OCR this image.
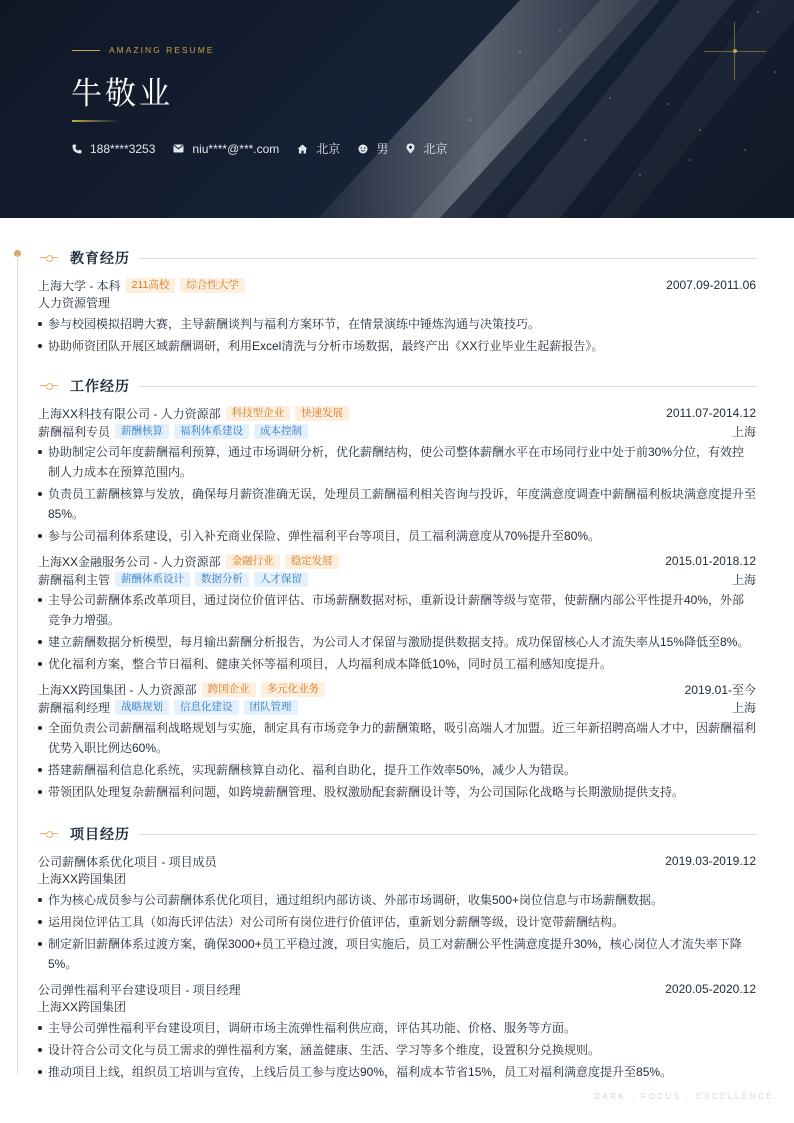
AMAZING RESUME
牛敬业
188****3253	niu****@***.com	北京	男	北京
教育经历
上海大学 - 本科	211高校	综合性大学	2007.09-2011.06
人力资源管理
参与校园模拟招聘大赛，主导薪酬谈判与福利方案环节，在情景演练中锤炼沟通与决策技巧。
协助师资团队开展区域薪酬调研，利用Excel清洗与分析市场数据，最终产出《XX行业毕业生起薪报告》。
工作经历
上海XX科技有限公司 - 人力资源部	科技型企业	快速发展	2011.07-2014.12
薪酬福利专员	薪酬核算	福利体系建设	成本控制	上海
协助制定公司年度薪酬福利预算，通过市场调研分析，优化薪酬结构，使公司整体薪酬水平在市场同行业中处于前30%分位，有效控制人力成本在预算范围内。
负责员工薪酬核算与发放，确保每月薪资准确无误，处理员工薪酬福利相关咨询与投诉，年度满意度调查中薪酬福利板块满意度提升至85%。
参与公司福利体系建设，引入补充商业保险、弹性福利平台等项目，员工福利满意度从70%提升至80%。
上海XX金融服务公司 - 人力资源部	金融行业	稳定发展	2015.01-2018.12
薪酬福利主管	薪酬体系设计	数据分析	人才保留	上海
主导公司薪酬体系改革项目，通过岗位价值评估、市场薪酬数据对标，重新设计薪酬等级与宽带，使薪酬内部公平性提升40%，外部竞争力增强。
建立薪酬数据分析模型，每月输出薪酬分析报告，为公司人才保留与激励提供数据支持。成功保留核心人才流失率从15%降低至8%。
优化福利方案，整合节日福利、健康关怀等福利项目，人均福利成本降低10%，同时员工福利感知度提升。
上海XX跨国集团 - 人力资源部	跨国企业	多元化业务	2019.01-至今
薪酬福利经理	战略规划	信息化建设	团队管理	上海
全面负责公司薪酬福利战略规划与实施，制定具有市场竞争力的薪酬策略，吸引高端人才加盟。近三年新招聘高端人才中，因薪酬福利优势入职比例达60%。
搭建薪酬福利信息化系统，实现薪酬核算自动化、福利自助化，提升工作效率50%，减少人为错误。
带领团队处理复杂薪酬福利问题，如跨境薪酬管理、股权激励配套薪酬设计等，为公司国际化战略与长期激励提供支持。
项目经历
公司薪酬体系优化项目 - 项目成员	2019.03-2019.12
上海XX跨国集团
作为核心成员参与公司薪酬体系优化项目，通过组织内部访谈、外部市场调研，收集500+岗位信息与市场薪酬数据。
运用岗位评估工具（如海氏评估法）对公司所有岗位进行价值评估，重新划分薪酬等级，设计宽带薪酬结构。
制定新旧薪酬体系过渡方案，确保3000+员工平稳过渡，项目实施后，员工对薪酬公平性满意度提升30%，核心岗位人才流失率下降5%。
公司弹性福利平台建设项目 - 项目经理	2020.05-2020.12
上海XX跨国集团
主导公司弹性福利平台建设项目，调研市场主流弹性福利供应商，评估其功能、价格、服务等方面。
设计符合公司文化与员工需求的弹性福利方案，涵盖健康、生活、学习等多个维度，设置积分兑换规则。
推动项目上线，组织员工培训与宣传，上线后员工参与度达90%，福利成本节省15%，员工对福利满意度提升至85%。
DARK · FOCUS · EXCELLENCE
